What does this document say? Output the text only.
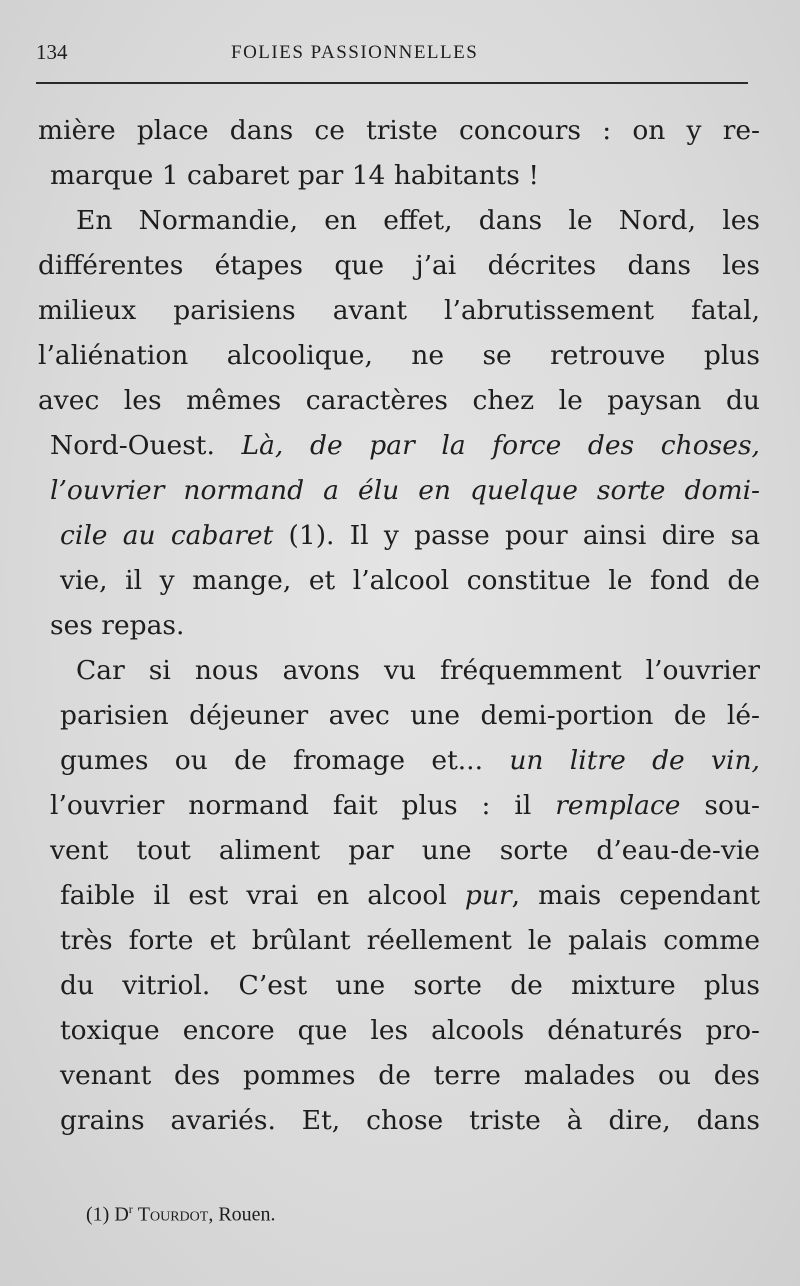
134	FOLIES PASSIONNELLES
mière place dans ce triste concours : on y re-
marque 1 cabaret par 14 habitants !
En Normandie, en effet, dans le Nord, les
différentes étapes que j’ai décrites dans les
milieux parisiens avant l’abrutissement fatal,
l’aliénation alcoolique, ne se retrouve plus
avec les mêmes caractères chez le paysan du
Nord-Ouest. Là, de par la force des choses,
l’ouvrier normand a élu en quelque sorte domi-
cile au cabaret (1). Il y passe pour ainsi dire sa
vie, il y mange, et l’alcool constitue le fond de
ses repas.
Car si nous avons vu fréquemment l’ouvrier
parisien déjeuner avec une demi-portion de lé-
gumes ou de fromage et... un litre de vin,
l’ouvrier normand fait plus : il remplace sou-
vent tout aliment par une sorte d’eau-de-vie
faible il est vrai en alcool pur, mais cependant
très forte et brûlant réellement le palais comme
du vitriol. C’est une sorte de mixture plus
toxique encore que les alcools dénaturés pro-
venant des pommes de terre malades ou des
grains avariés. Et, chose triste à dire, dans
(1) $D^r$ Tourdot, Rouen.
